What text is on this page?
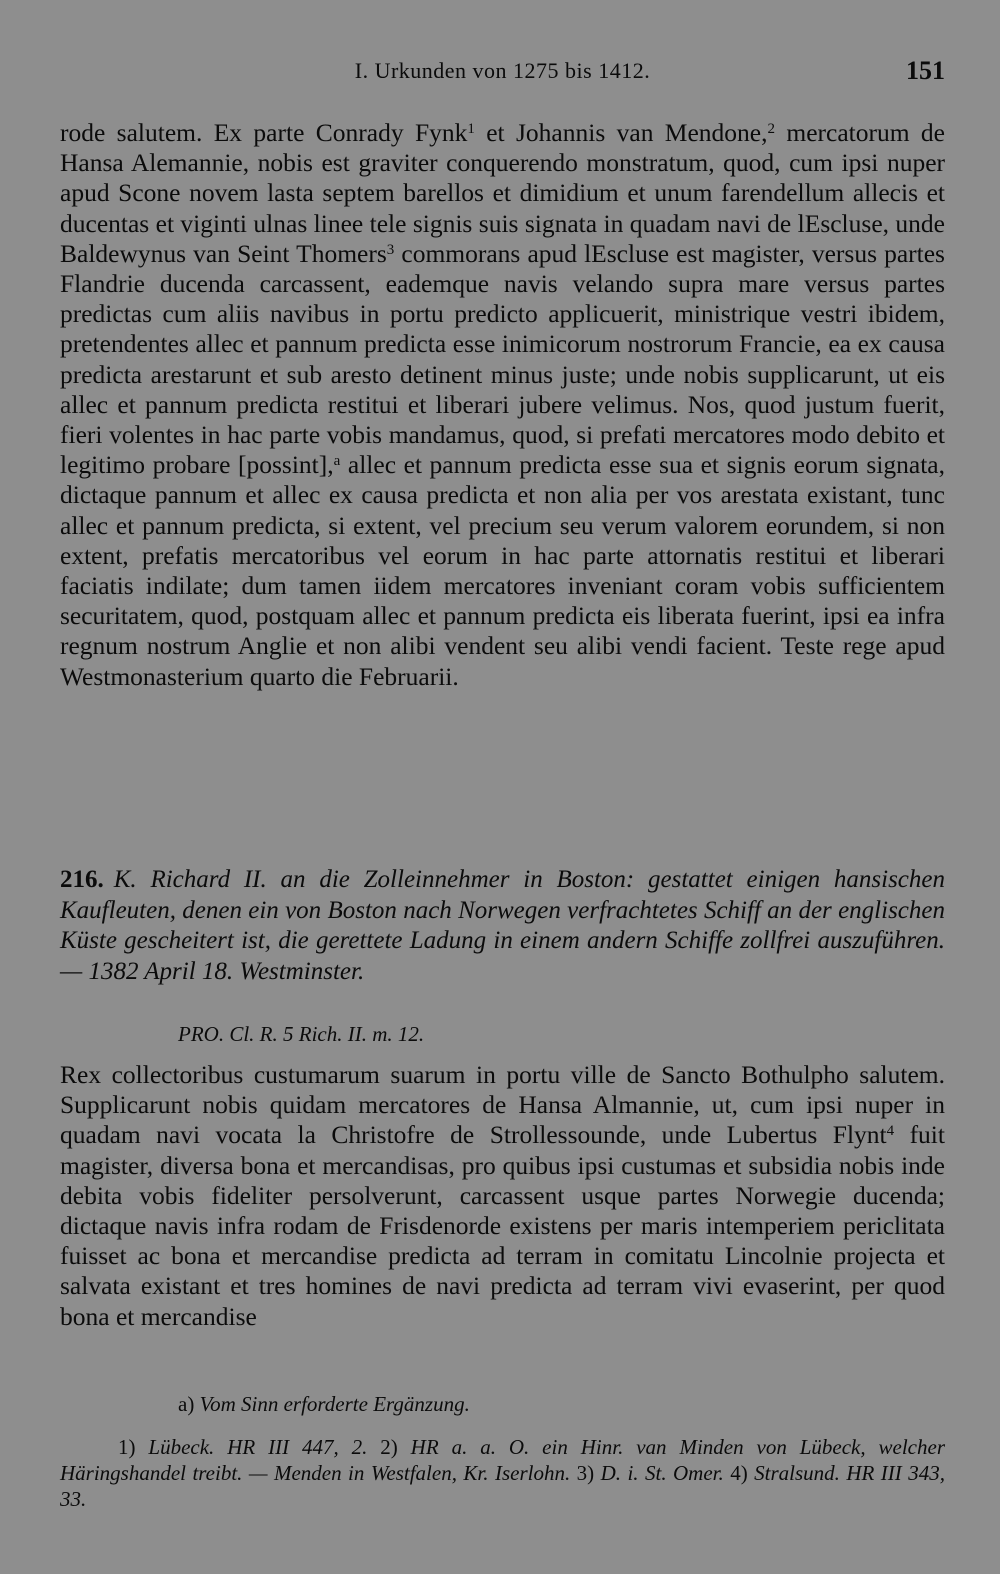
I. Urkunden von 1275 bis 1412.	151

rode salutem. Ex parte Conrady Fynk$^1$ et Johannis van Mendone,$^2$ mercatorum de Hansa Alemannie, nobis est graviter conquerendo monstratum, quod, cum ipsi nuper apud Scone novem lasta septem barellos et dimidium et unum farendellum allecis et ducentas et viginti ulnas linee tele signis suis signata in quadam navi de lEscluse, unde Baldewynus van Seint Thomers$^3$ commorans apud lEscluse est magister, versus partes Flandrie ducenda carcassent, eademque navis velando supra mare versus partes predictas cum aliis navibus in portu predicto applicuerit, ministrique vestri ibidem, pretendentes allec et pannum predicta esse inimicorum nostrorum Francie, ea ex causa predicta arestarunt et sub aresto detinent minus juste; unde nobis supplicarunt, ut eis allec et pannum predicta restitui et liberari jubere velimus. Nos, quod justum fuerit, fieri volentes in hac parte vobis mandamus, quod, si prefati mercatores modo debito et legitimo probare [possint],$^a$ allec et pannum predicta esse sua et signis eorum signata, dictaque pannum et allec ex causa predicta et non alia per vos arestata existant, tunc allec et pannum predicta, si extent, vel precium seu verum valorem eorundem, si non extent, prefatis mercatoribus vel eorum in hac parte attornatis restitui et liberari faciatis indilate; dum tamen iidem mercatores inveniant coram vobis sufficientem securitatem, quod, postquam allec et pannum predicta eis liberata fuerint, ipsi ea infra regnum nostrum Anglie et non alibi vendent seu alibi vendi facient. Teste rege apud Westmonasterium quarto die Februarii.

216. K. Richard II. an die Zolleinnehmer in Boston: gestattet einigen hansischen Kaufleuten, denen ein von Boston nach Norwegen verfrachtetes Schiff an der englischen Küste gescheitert ist, die gerettete Ladung in einem andern Schiffe zollfrei auszuführen. — 1382 April 18. Westminster.
PRO. Cl. R. 5 Rich. II. m. 12.

Rex collectoribus custumarum suarum in portu ville de Sancto Bothulpho salutem. Supplicarunt nobis quidam mercatores de Hansa Almannie, ut, cum ipsi nuper in quadam navi vocata la Christofre de Strollessounde, unde Lubertus Flynt$^4$ fuit magister, diversa bona et mercandisas, pro quibus ipsi custumas et subsidia nobis inde debita vobis fideliter persolverunt, carcassent usque partes Norwegie ducenda; dictaque navis infra rodam de Frisdenorde existens per maris intemperiem periclitata fuisset ac bona et mercandise predicta ad terram in comitatu Lincolnie projecta et salvata existant et tres homines de navi predicta ad terram vivi evaserint, per quod bona et mercandise

a) Vom Sinn erforderte Ergänzung.

1) Lübeck. HR III 447, 2. 2) HR a. a. O. ein Hinr. van Minden von Lübeck, welcher Häringshandel treibt. — Menden in Westfalen, Kr. Iserlohn. 3) D. i. St. Omer. 4) Stralsund. HR III 343, 33.
